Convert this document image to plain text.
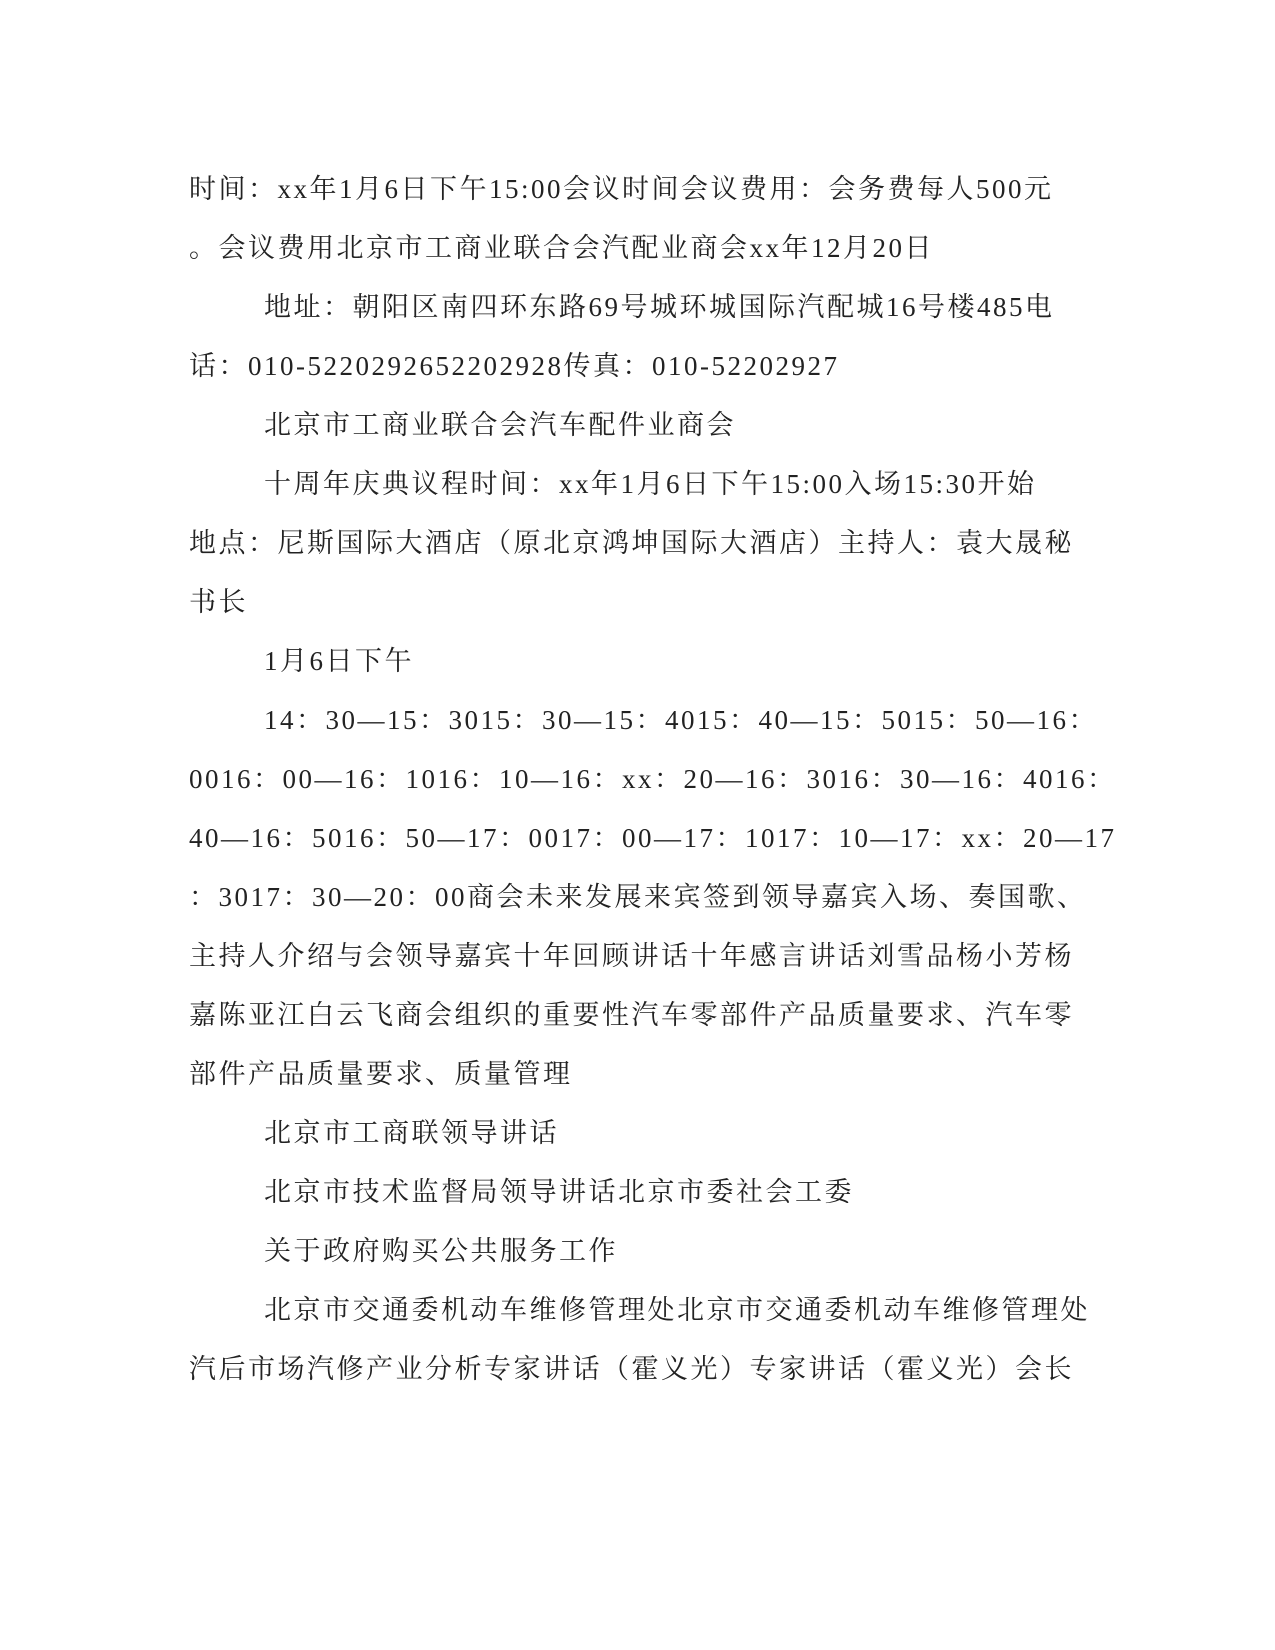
时间：xx年1月6日下午15:00会议时间会议费用：会务费每人500元
。会议费用北京市工商业联合会汽配业商会xx年12月20日
地址：朝阳区南四环东路69号城环城国际汽配城16号楼485电
话：010-5220292652202928传真：010-52202927
北京市工商业联合会汽车配件业商会
十周年庆典议程时间：xx年1月6日下午15:00入场15:30开始
地点：尼斯国际大酒店（原北京鸿坤国际大酒店）主持人：袁大晟秘
书长
1月6日下午
14：30—15：3015：30—15：4015：40—15：5015：50—16：
0016：00—16：1016：10—16：xx：20—16：3016：30—16：4016：
40—16：5016：50—17：0017：00—17：1017：10—17：xx：20—17
：3017：30—20：00商会未来发展来宾签到领导嘉宾入场、奏国歌、
主持人介绍与会领导嘉宾十年回顾讲话十年感言讲话刘雪品杨小芳杨
嘉陈亚江白云飞商会组织的重要性汽车零部件产品质量要求、汽车零
部件产品质量要求、质量管理
北京市工商联领导讲话
北京市技术监督局领导讲话北京市委社会工委
关于政府购买公共服务工作
北京市交通委机动车维修管理处北京市交通委机动车维修管理处
汽后市场汽修产业分析专家讲话（霍义光）专家讲话（霍义光）会长
